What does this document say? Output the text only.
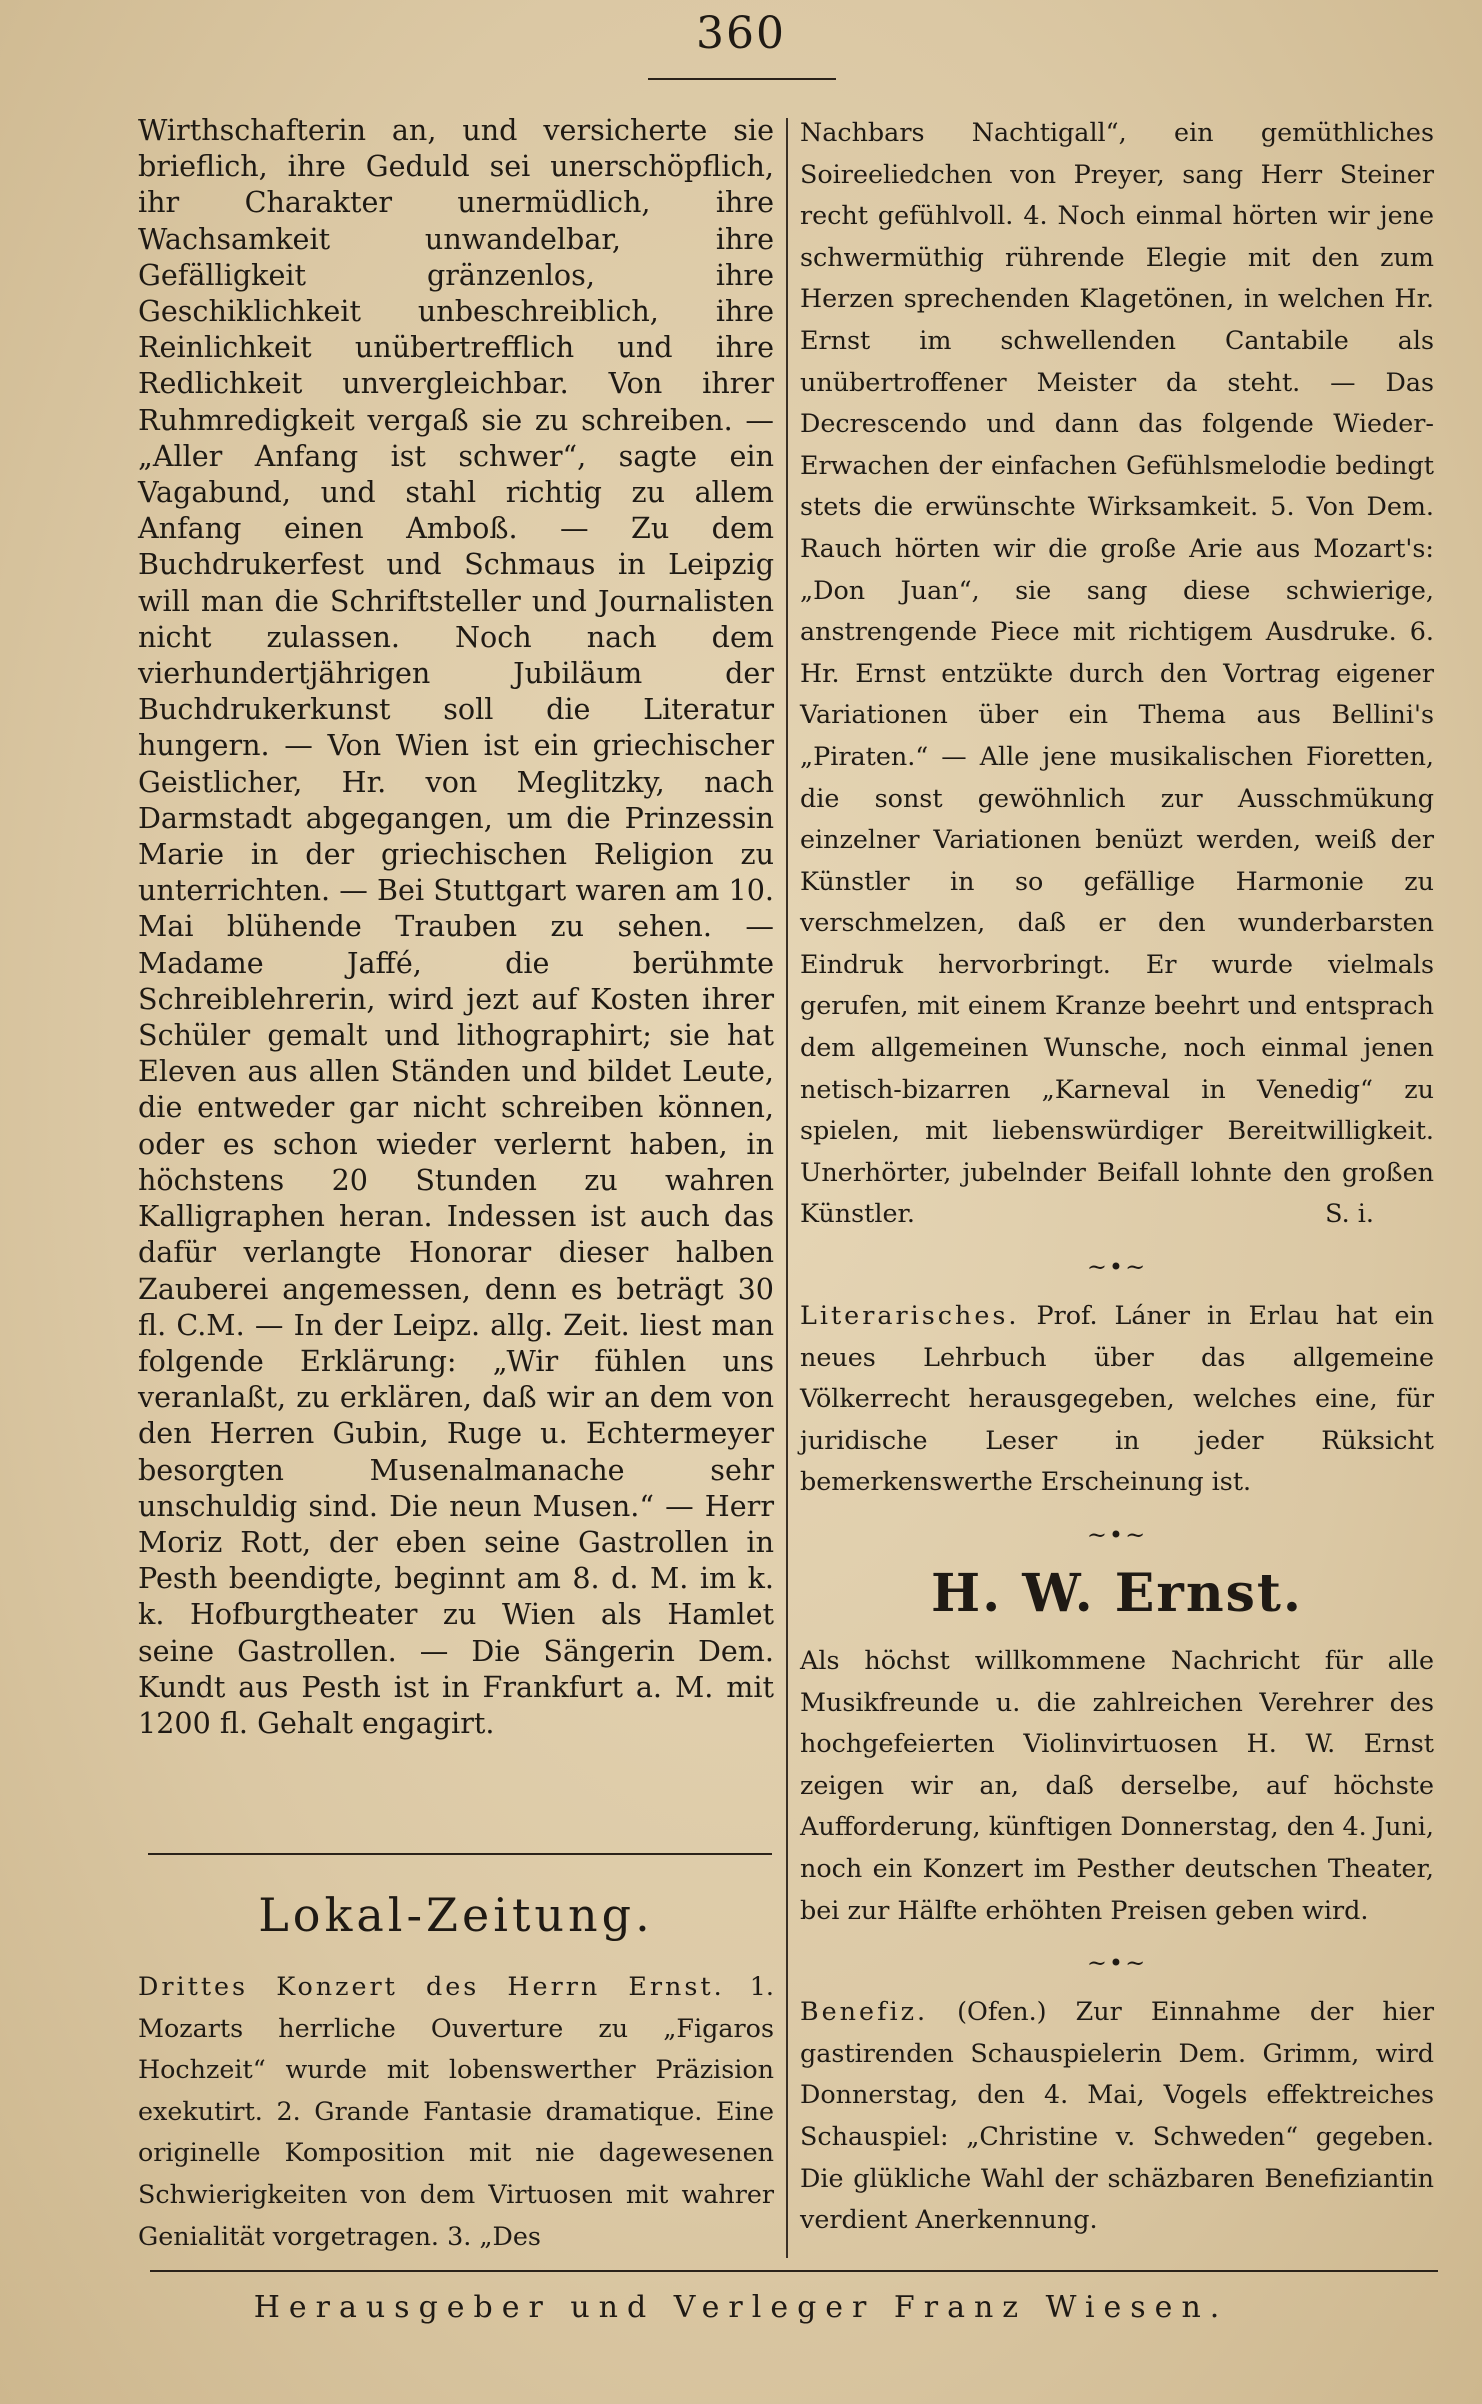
360

Wirthschafterin an, und versicherte sie brieflich, ihre Geduld sei unerschöpflich, ihr Charakter unermüdlich, ihre Wachsamkeit unwandelbar, ihre Gefälligkeit gränzenlos, ihre Geschiklichkeit unbeschreiblich, ihre Reinlichkeit unübertrefflich und ihre Redlichkeit unvergleichbar. Von ihrer Ruhmredigkeit vergaß sie zu schreiben. — „Aller Anfang ist schwer“, sagte ein Vagabund, und stahl richtig zu allem Anfang einen Amboß. — Zu dem Buchdrukerfest und Schmaus in Leipzig will man die Schriftsteller und Journalisten nicht zulassen. Noch nach dem vierhundertjährigen Jubiläum der Buchdrukerkunst soll die Literatur hungern. — Von Wien ist ein griechischer Geistlicher, Hr. von Meglitzky, nach Darmstadt abgegangen, um die Prinzessin Marie in der griechischen Religion zu unterrichten. — Bei Stuttgart waren am 10. Mai blühende Trauben zu sehen. — Madame Jaffé, die berühmte Schreiblehrerin, wird jezt auf Kosten ihrer Schüler gemalt und lithographirt; sie hat Eleven aus allen Ständen und bildet Leute, die entweder gar nicht schreiben können, oder es schon wieder verlernt haben, in höchstens 20 Stunden zu wahren Kalligraphen heran. Indessen ist auch das dafür verlangte Honorar dieser halben Zauberei angemessen, denn es beträgt 30 fl. C.M. — In der Leipz. allg. Zeit. liest man folgende Erklärung: „Wir fühlen uns veranlaßt, zu erklären, daß wir an dem von den Herren Gubin, Ruge u. Echtermeyer besorgten Musenalmanache sehr unschuldig sind. Die neun Musen.“ — Herr Moriz Rott, der eben seine Gastrollen in Pesth beendigte, beginnt am 8. d. M. im k. k. Hofburgtheater zu Wien als Hamlet seine Gastrollen. — Die Sängerin Dem. Kundt aus Pesth ist in Frankfurt a. M. mit 1200 fl. Gehalt engagirt.

Lokal-Zeitung.

Drittes Konzert des Herrn Ernst. 1. Mozarts herrliche Ouverture zu „Figaros Hochzeit“ wurde mit lobenswerther Präzision exekutirt. 2. Grande Fantasie dramatique. Eine originelle Komposition mit nie dagewesenen Schwierigkeiten von dem Virtuosen mit wahrer Genialität vorgetragen. 3. „Des

Nachbars Nachtigall“, ein gemüthliches Soireeliedchen von Preyer, sang Herr Steiner recht gefühlvoll. 4. Noch einmal hörten wir jene schwermüthig rührende Elegie mit den zum Herzen sprechenden Klagetönen, in welchen Hr. Ernst im schwellenden Cantabile als unübertroffener Meister da steht. — Das Decrescendo und dann das folgende Wieder-Erwachen der einfachen Gefühlsmelodie bedingt stets die erwünschte Wirksamkeit. 5. Von Dem. Rauch hörten wir die große Arie aus Mozart's: „Don Juan“, sie sang diese schwierige, anstrengende Piece mit richtigem Ausdruke. 6. Hr. Ernst entzükte durch den Vortrag eigener Variationen über ein Thema aus Bellini's „Piraten.“ — Alle jene musikalischen Fioretten, die sonst gewöhnlich zur Ausschmükung einzelner Variationen benüzt werden, weiß der Künstler in so gefällige Harmonie zu verschmelzen, daß er den wunderbarsten Eindruk hervorbringt. Er wurde vielmals gerufen, mit einem Kranze beehrt und entsprach dem allgemeinen Wunsche, noch einmal jenen netisch-bizarren „Karneval in Venedig“ zu spielen, mit liebenswürdiger Bereitwilligkeit. Unerhörter, jubelnder Beifall lohnte den großen Künstler.	S. i.

~•~

Literarisches. Prof. Láner in Erlau hat ein neues Lehrbuch über das allgemeine Völkerrecht herausgegeben, welches eine, für juridische Leser in jeder Rüksicht bemerkenswerthe Erscheinung ist.

~•~
H. W. Ernst.

Als höchst willkommene Nachricht für alle Musikfreunde u. die zahlreichen Verehrer des hochgefeierten Violinvirtuosen H. W. Ernst zeigen wir an, daß derselbe, auf höchste Aufforderung, künftigen Donnerstag, den 4. Juni, noch ein Konzert im Pesther deutschen Theater, bei zur Hälfte erhöhten Preisen geben wird.

~•~

Benefiz. (Ofen.) Zur Einnahme der hier gastirenden Schauspielerin Dem. Grimm, wird Donnerstag, den 4. Mai, Vogels effektreiches Schauspiel: „Christine v. Schweden“ gegeben. Die glükliche Wahl der schäzbaren Benefiziantin verdient Anerkennung.

Herausgeber und Verleger Franz Wiesen.
